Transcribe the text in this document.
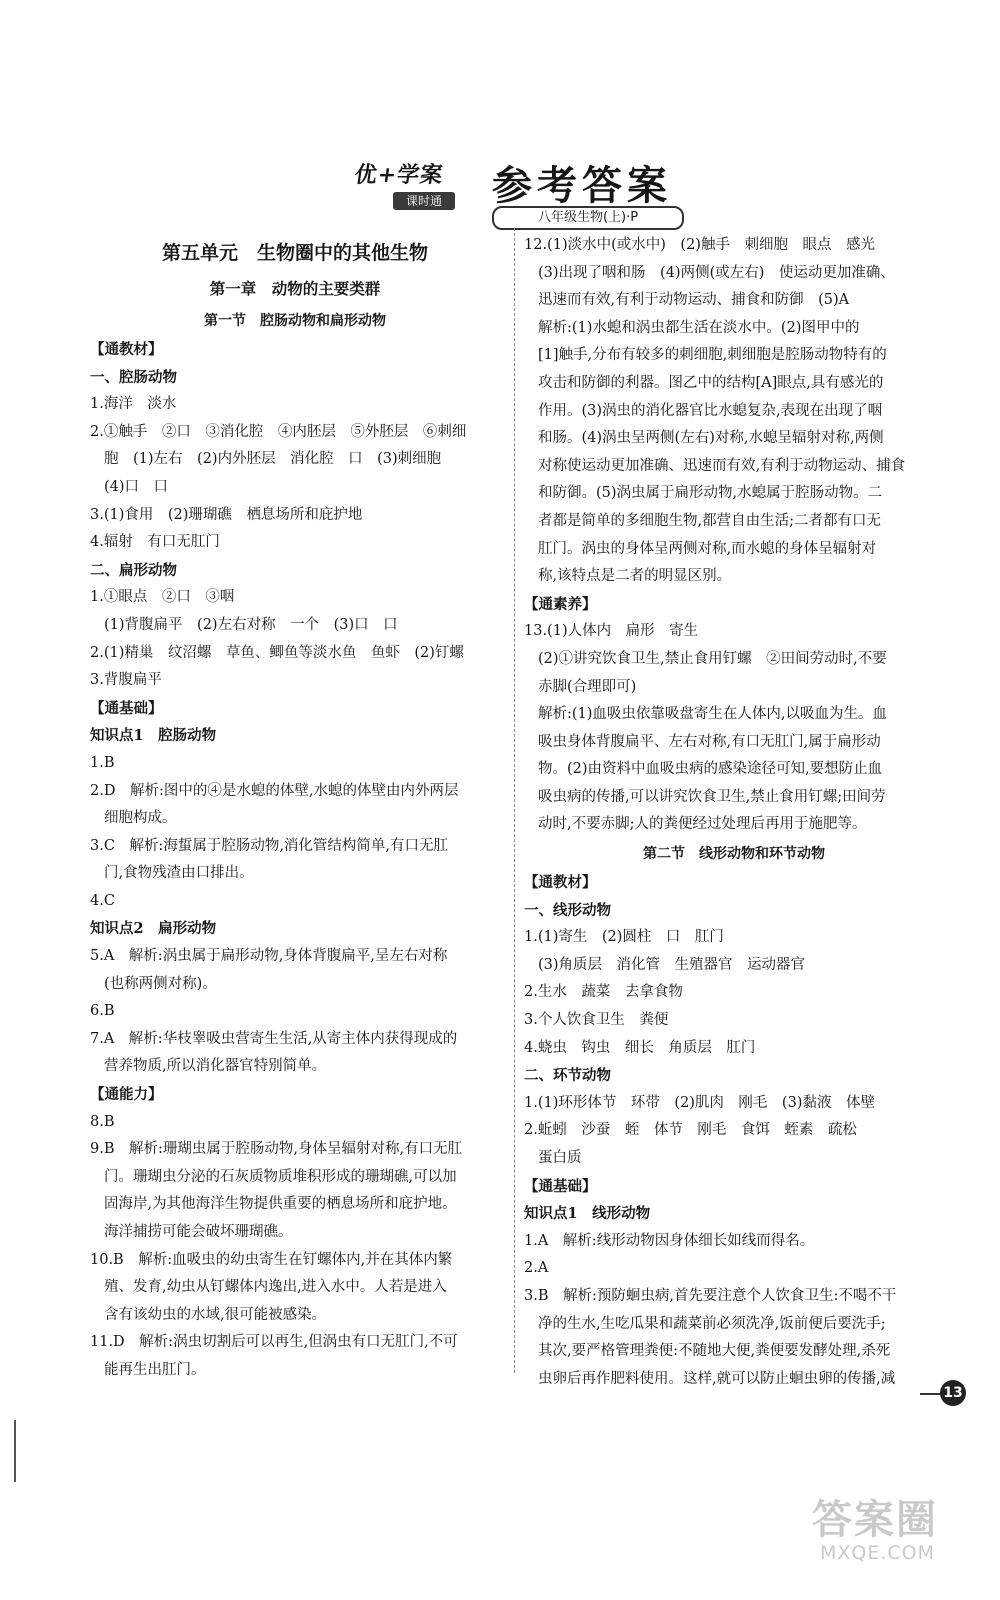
优+学案
课时通	参考答案
八年级生物(上)·P
第五单元　生物圈中的其他生物
第一章　动物的主要类群
第一节　腔肠动物和扁形动物
【通教材】
一、腔肠动物
1.海洋　淡水
2.①触手　②口　③消化腔　④内胚层　⑤外胚层　⑥刺细
胞　(1)左右　(2)内外胚层　消化腔　口　(3)刺细胞
(4)口　口
3.(1)食用　(2)珊瑚礁　栖息场所和庇护地
4.辐射　有口无肛门
二、扁形动物
1.①眼点　②口　③咽
(1)背腹扁平　(2)左右对称　一个　(3)口　口
2.(1)精巢　纹沼螺　草鱼、鲫鱼等淡水鱼　鱼虾　(2)钉螺
3.背腹扁平
【通基础】
知识点1　腔肠动物
1.B
2.D　解析:图中的④是水螅的体壁,水螅的体壁由内外两层
细胞构成。
3.C　解析:海蜇属于腔肠动物,消化管结构简单,有口无肛
门,食物残渣由口排出。
4.C
知识点2　扁形动物
5.A　解析:涡虫属于扁形动物,身体背腹扁平,呈左右对称
(也称两侧对称)。
6.B
7.A　解析:华枝睾吸虫营寄生生活,从寄主体内获得现成的
营养物质,所以消化器官特别简单。
【通能力】
8.B
9.B　解析:珊瑚虫属于腔肠动物,身体呈辐射对称,有口无肛
门。珊瑚虫分泌的石灰质物质堆积形成的珊瑚礁,可以加
固海岸,为其他海洋生物提供重要的栖息场所和庇护地。
海洋捕捞可能会破坏珊瑚礁。
10.B　解析:血吸虫的幼虫寄生在钉螺体内,并在其体内繁
殖、发育,幼虫从钉螺体内逸出,进入水中。人若是进入
含有该幼虫的水域,很可能被感染。
11.D　解析:涡虫切割后可以再生,但涡虫有口无肛门,不可
能再生出肛门。
12.(1)淡水中(或水中)　(2)触手　刺细胞　眼点　感光
(3)出现了咽和肠　(4)两侧(或左右)　使运动更加准确、
迅速而有效,有利于动物运动、捕食和防御　(5)A
解析:(1)水螅和涡虫都生活在淡水中。(2)图甲中的
[1]触手,分布有较多的刺细胞,刺细胞是腔肠动物特有的
攻击和防御的利器。图乙中的结构[A]眼点,具有感光的
作用。(3)涡虫的消化器官比水螅复杂,表现在出现了咽
和肠。(4)涡虫呈两侧(左右)对称,水螅呈辐射对称,两侧
对称使运动更加准确、迅速而有效,有利于动物运动、捕食
和防御。(5)涡虫属于扁形动物,水螅属于腔肠动物。二
者都是简单的多细胞生物,都营自由生活;二者都有口无
肛门。涡虫的身体呈两侧对称,而水螅的身体呈辐射对
称,该特点是二者的明显区别。
【通素养】
13.(1)人体内　扁形　寄生
(2)①讲究饮食卫生,禁止食用钉螺　②田间劳动时,不要
赤脚(合理即可)
解析:(1)血吸虫依靠吸盘寄生在人体内,以吸血为生。血
吸虫身体背腹扁平、左右对称,有口无肛门,属于扁形动
物。(2)由资料中血吸虫病的感染途径可知,要想防止血
吸虫病的传播,可以讲究饮食卫生,禁止食用钉螺;田间劳
动时,不要赤脚;人的粪便经过处理后再用于施肥等。
第二节　线形动物和环节动物
【通教材】
一、线形动物
1.(1)寄生　(2)圆柱　口　肛门
(3)角质层　消化管　生殖器官　运动器官
2.生水　蔬菜　去拿食物
3.个人饮食卫生　粪便
4.蛲虫　钩虫　细长　角质层　肛门
二、环节动物
1.(1)环形体节　环带　(2)肌肉　刚毛　(3)黏液　体壁
2.蚯蚓　沙蚕　蛭　体节　刚毛　食饵　蛭素　疏松
蛋白质
【通基础】
知识点1　线形动物
1.A　解析:线形动物因身体细长如线而得名。
2.A
3.B　解析:预防蛔虫病,首先要注意个人饮食卫生:不喝不干
净的生水,生吃瓜果和蔬菜前必须洗净,饭前便后要洗手;
其次,要严格管理粪便:不随地大便,粪便要发酵处理,杀死
虫卵后再作肥料使用。这样,就可以防止蛔虫卵的传播,减
13
答案圈
MXQE.COM
